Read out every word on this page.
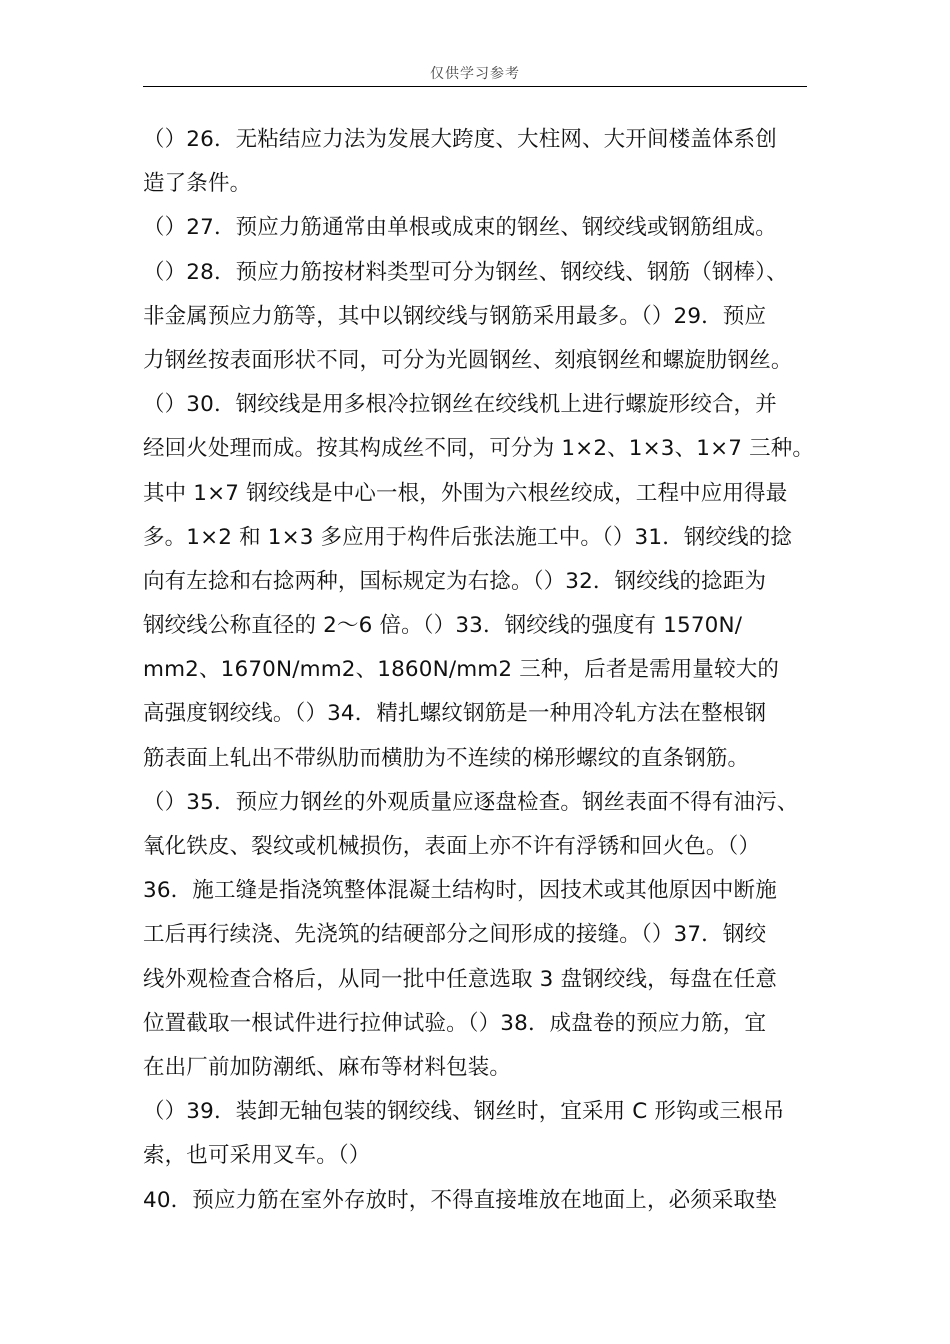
仅供学习参考
（）26．无粘结应力法为发展大跨度、大柱网、大开间楼盖体系创
造了条件。
（）27．预应力筋通常由单根或成束的钢丝、钢绞线或钢筋组成。
（）28．预应力筋按材料类型可分为钢丝、钢绞线、钢筋（钢棒）、
非金属预应力筋等，其中以钢绞线与钢筋采用最多。（）29．预应
力钢丝按表面形状不同，可分为光圆钢丝、刻痕钢丝和螺旋肋钢丝。
（）30．钢绞线是用多根冷拉钢丝在绞线机上进行螺旋形绞合，并
经回火处理而成。按其构成丝不同，可分为 1×2、1×3、1×7 三种。
其中 1×7 钢绞线是中心一根，外围为六根丝绞成，工程中应用得最
多。1×2 和 1×3 多应用于构件后张法施工中。（）31．钢绞线的捻
向有左捻和右捻两种，国标规定为右捻。（）32．钢绞线的捻距为
钢绞线公称直径的 2～6 倍。（）33．钢绞线的强度有 1570N/
mm2、1670N/mm2、1860N/mm2 三种，后者是需用量较大的
高强度钢绞线。（）34．精扎螺纹钢筋是一种用冷轧方法在整根钢
筋表面上轧出不带纵肋而横肋为不连续的梯形螺纹的直条钢筋。
（）35．预应力钢丝的外观质量应逐盘检查。钢丝表面不得有油污、
氧化铁皮、裂纹或机械损伤，表面上亦不许有浮锈和回火色。（）
36．施工缝是指浇筑整体混凝土结构时，因技术或其他原因中断施
工后再行续浇、先浇筑的结硬部分之间形成的接缝。（）37．钢绞
线外观检查合格后，从同一批中任意选取 3 盘钢绞线，每盘在任意
位置截取一根试件进行拉伸试验。（）38．成盘卷的预应力筋，宜
在出厂前加防潮纸、麻布等材料包装。
（）39．装卸无轴包装的钢绞线、钢丝时，宜采用 C 形钩或三根吊
索，也可采用叉车。（）
40．预应力筋在室外存放时，不得直接堆放在地面上，必须采取垫
